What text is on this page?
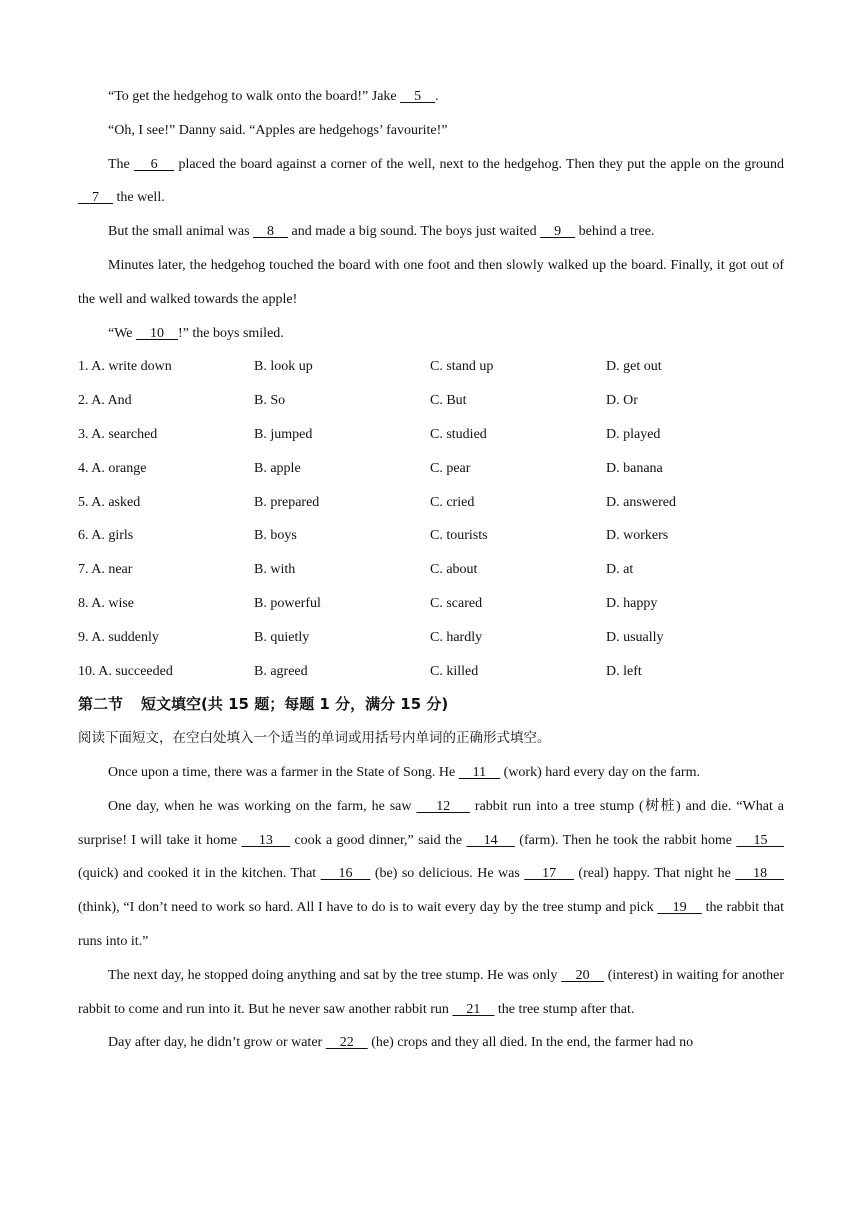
“To get the hedgehog to walk onto the board!” Jake     5    .

“Oh, I see!” Danny said. “Apples are hedgehogs’ favourite!”

The     6     placed the board against a corner of the well, next to the hedgehog. Then they put the apple on the ground     7     the well.

But the small animal was     8     and made a big sound. The boys just waited     9     behind a tree.

Minutes later, the hedgehog touched the board with one foot and then slowly walked up the board. Finally, it got out of the well and walked towards the apple!

“We     10    !” the boys smiled.

1. A. write down	B. look up	C. stand up	D. get out
2. A. And	B. So	C. But	D. Or
3. A. searched	B. jumped	C. studied	D. played
4. A. orange	B. apple	C. pear	D. banana
5. A. asked	B. prepared	C. cried	D. answered
6. A. girls	B. boys	C. tourists	D. workers
7. A. near	B. with	C. about	D. at
8. A. wise	B. powerful	C. scared	D. happy
9. A. suddenly	B. quietly	C. hardly	D. usually
10. A. succeeded	B. agreed	C. killed	D. left
第二节 短文填空(共 15 题；每题 1 分，满分 15 分)
阅读下面短文，在空白处填入一个适当的单词或用括号内单词的正确形式填空。

Once upon a time, there was a farmer in the State of Song. He     11     (work) hard every day on the farm.

One day, when he was working on the farm, he saw     12     rabbit run into a tree stump (树桩) and die. “What a surprise! I will take it home     13     cook a good dinner,” said the     14     (farm). Then he took the rabbit home     15     (quick) and cooked it in the kitchen. That     16     (be) so delicious. He was     17     (real) happy. That night he     18     (think), “I don’t need to work so hard. All I have to do is to wait every day by the tree stump and pick     19     the rabbit that runs into it.”

The next day, he stopped doing anything and sat by the tree stump. He was only     20     (interest) in waiting for another rabbit to come and run into it. But he never saw another rabbit run     21     the tree stump after that.

Day after day, he didn’t grow or water     22     (he) crops and they all died. In the end, the farmer had no
